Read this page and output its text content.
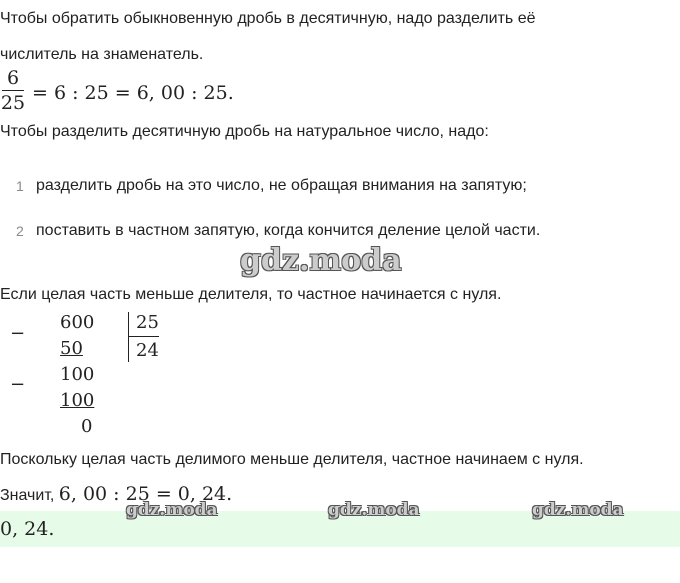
Чтобы обратить обыкновенную дробь в десятичную, надо разделить её
числитель на знаменатель.
6
25 = 6 : 25 = 6, 00 : 25.
Чтобы разделить десятичную дробь на натуральное число, надо:
1 разделить дробь на это число, не обращая внимания на запятую;
2 поставить в частном запятую, когда кончится деление целой части.
gdz.moda
Если целая часть меньше делителя, то частное начинается с нуля.
−
600
50
− 100
100
0
25
24
Поскольку целая часть делимого меньше делителя, частное начинаем с нуля.
Значит, 6, 00 : 25 = 0, 24.
gdz.moda	gdz.moda	gdz.moda
0, 24.
